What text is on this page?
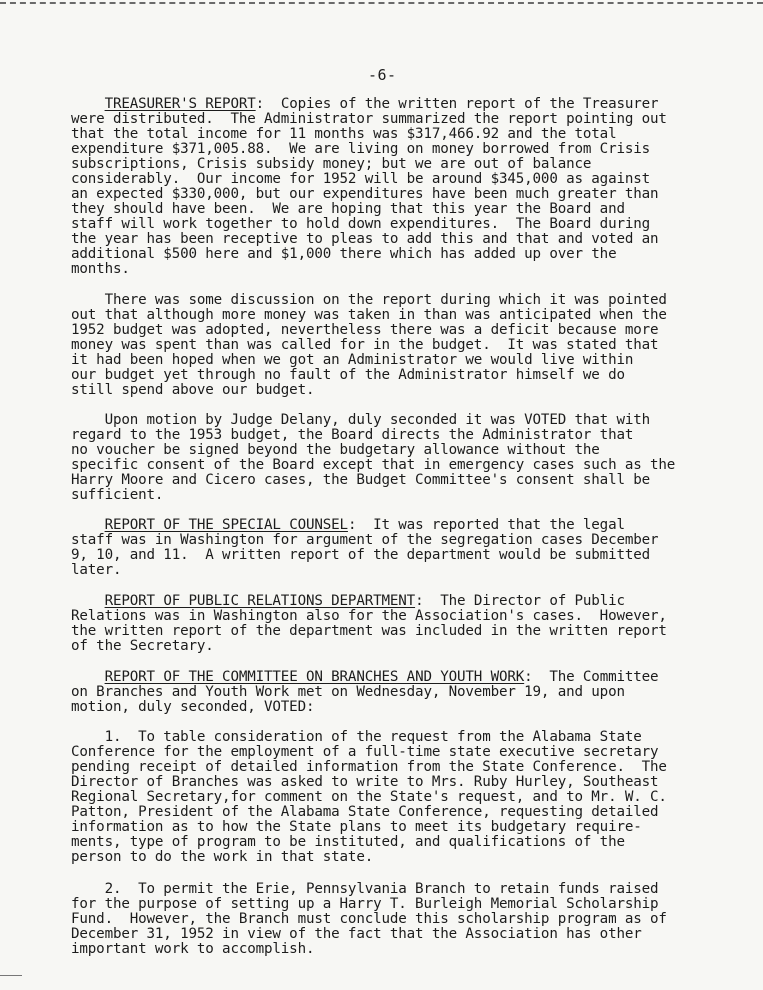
-6-
TREASURER'S REPORT:  Copies of the written report of the Treasurer
were distributed.  The Administrator summarized the report pointing out
that the total income for 11 months was $317,466.92 and the total
expenditure $371,005.88.  We are living on money borrowed from Crisis
subscriptions, Crisis subsidy money; but we are out of balance
considerably.  Our income for 1952 will be around $345,000 as against
an expected $330,000, but our expenditures have been much greater than
they should have been.  We are hoping that this year the Board and
staff will work together to hold down expenditures.  The Board during
the year has been receptive to pleas to add this and that and voted an
additional $500 here and $1,000 there which has added up over the
months.
There was some discussion on the report during which it was pointed
out that although more money was taken in than was anticipated when the
1952 budget was adopted, nevertheless there was a deficit because more
money was spent than was called for in the budget.  It was stated that
it had been hoped when we got an Administrator we would live within
our budget yet through no fault of the Administrator himself we do
still spend above our budget.
Upon motion by Judge Delany, duly seconded it was VOTED that with
regard to the 1953 budget, the Board directs the Administrator that
no voucher be signed beyond the budgetary allowance without the
specific consent of the Board except that in emergency cases such as the
Harry Moore and Cicero cases, the Budget Committee's consent shall be
sufficient.
REPORT OF THE SPECIAL COUNSEL:  It was reported that the legal
staff was in Washington for argument of the segregation cases December
9, 10, and 11.  A written report of the department would be submitted
later.
REPORT OF PUBLIC RELATIONS DEPARTMENT:  The Director of Public
Relations was in Washington also for the Association's cases.  However,
the written report of the department was included in the written report
of the Secretary.
REPORT OF THE COMMITTEE ON BRANCHES AND YOUTH WORK:  The Committee
on Branches and Youth Work met on Wednesday, November 19, and upon
motion, duly seconded, VOTED:
1.  To table consideration of the request from the Alabama State
Conference for the employment of a full-time state executive secretary
pending receipt of detailed information from the State Conference.  The
Director of Branches was asked to write to Mrs. Ruby Hurley, Southeast
Regional Secretary,for comment on the State's request, and to Mr. W. C.
Patton, President of the Alabama State Conference, requesting detailed
information as to how the State plans to meet its budgetary require-
ments, type of program to be instituted, and qualifications of the
person to do the work in that state.
2.  To permit the Erie, Pennsylvania Branch to retain funds raised
for the purpose of setting up a Harry T. Burleigh Memorial Scholarship
Fund.  However, the Branch must conclude this scholarship program as of
December 31, 1952 in view of the fact that the Association has other
important work to accomplish.
